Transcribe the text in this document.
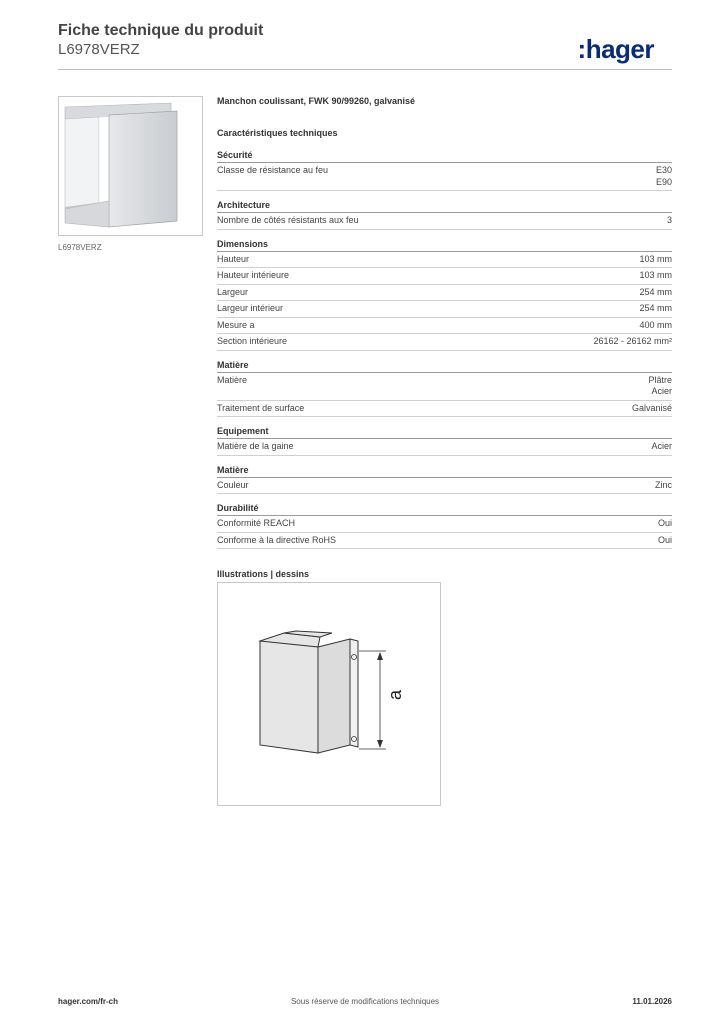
Fiche technique du produit
L6978VERZ	:hager
L6978VERZ
Manchon coulissant, FWK 90/99260, galvanisé
Caractéristiques techniques
Sécurité
Classe de résistance au feu	E30
E90
Architecture
Nombre de côtés résistants aux feu	3
Dimensions
Hauteur	103 mm
Hauteur intérieure	103 mm
Largeur	254 mm
Largeur intérieur	254 mm
Mesure a	400 mm
Section intérieure	26162 - 26162 mm²
Matière
Matière	Plâtre
Acier
Traitement de surface	Galvanisé
Equipement
Matière de la gaine	Acier
Matière
Couleur	Zinc
Durabilité
Conformité REACH	Oui
Conforme à la directive RoHS	Oui
Illustrations | dessins
a
hager.com/fr-ch	Sous réserve de modifications techniques	11.01.2026
